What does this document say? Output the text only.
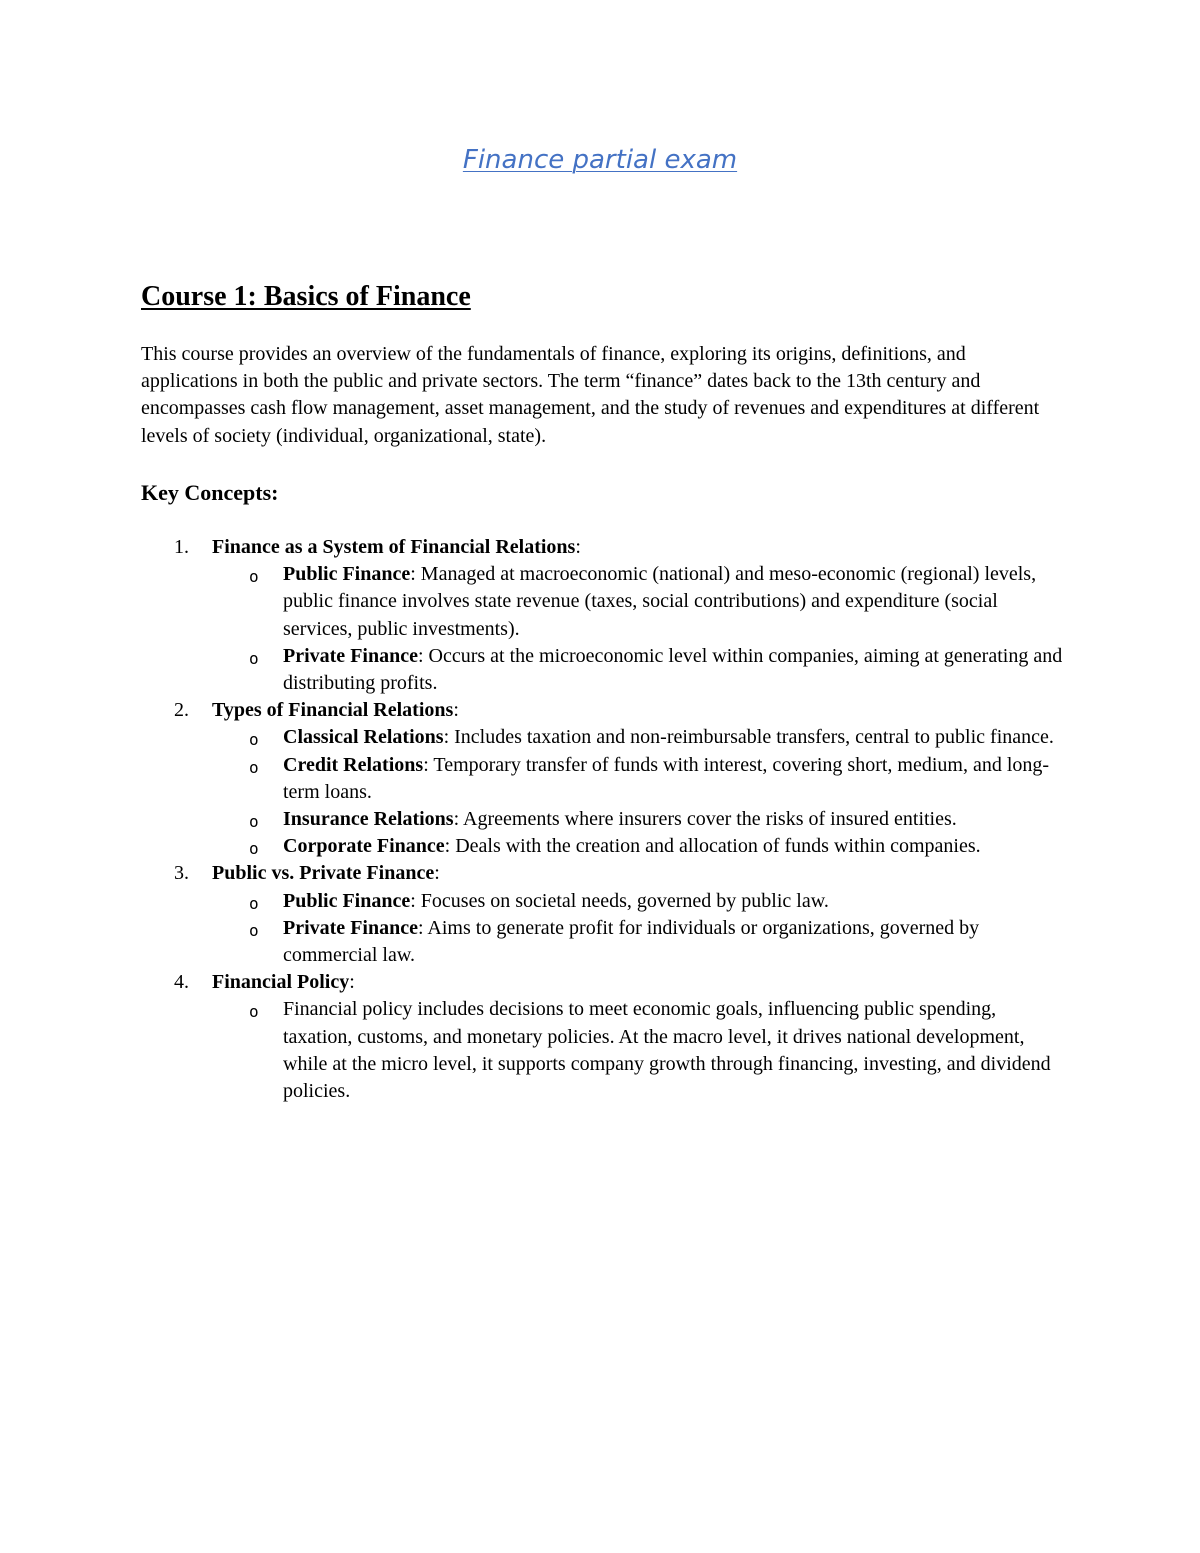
Finance partial exam
Course 1: Basics of Finance

This course provides an overview of the fundamentals of finance, exploring its origins, definitions, and applications in both the public and private sectors. The term “finance” dates back to the 13th century and encompasses cash flow management, asset management, and the study of revenues and expenditures at different levels of society (individual, organizational, state).

Key Concepts:
1. Finance as a System of Financial Relations:
o Public Finance: Managed at macroeconomic (national) and meso-economic (regional) levels, public finance involves state revenue (taxes, social contributions) and expenditure (social services, public investments).
o Private Finance: Occurs at the microeconomic level within companies, aiming at generating and distributing profits.
2. Types of Financial Relations:
o Classical Relations: Includes taxation and non-reimbursable transfers, central to public finance.
o Credit Relations: Temporary transfer of funds with interest, covering short, medium, and long-term loans.
o Insurance Relations: Agreements where insurers cover the risks of insured entities.
o Corporate Finance: Deals with the creation and allocation of funds within companies.
3. Public vs. Private Finance:
o Public Finance: Focuses on societal needs, governed by public law.
o Private Finance: Aims to generate profit for individuals or organizations, governed by commercial law.
4. Financial Policy:
o Financial policy includes decisions to meet economic goals, influencing public spending, taxation, customs, and monetary policies. At the macro level, it drives national development, while at the micro level, it supports company growth through financing, investing, and dividend policies.
